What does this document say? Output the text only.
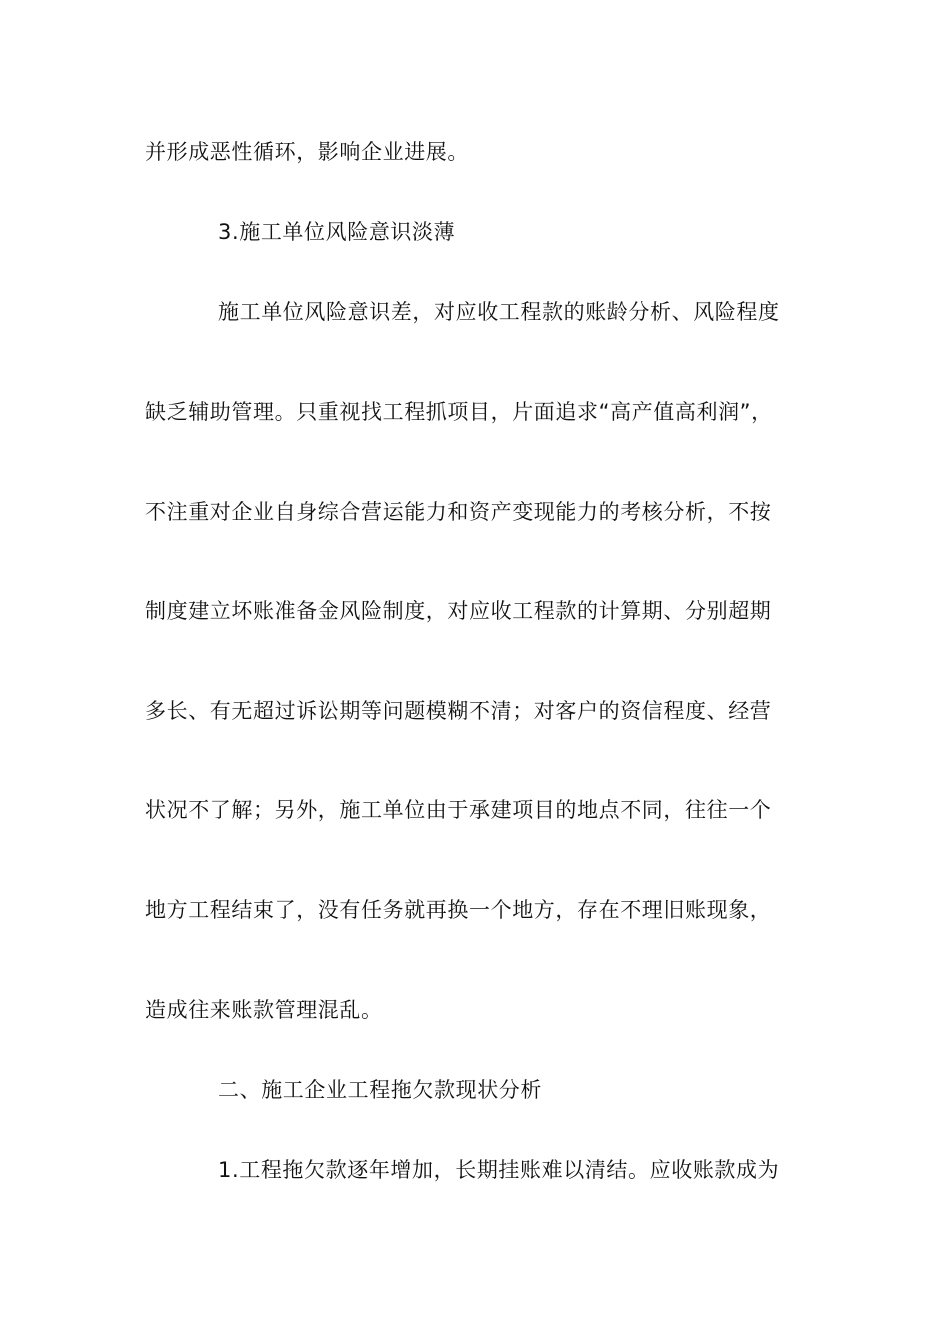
并形成恶性循环，影响企业进展。
3.施工单位风险意识淡薄
施工单位风险意识差，对应收工程款的账龄分析、风险程度
缺乏辅助管理。只重视找工程抓项目，片面追求“高产值高利润”，
不注重对企业自身综合营运能力和资产变现能力的考核分析，不按
制度建立坏账准备金风险制度，对应收工程款的计算期、分别超期
多长、有无超过诉讼期等问题模糊不清；对客户的资信程度、经营
状况不了解；另外，施工单位由于承建项目的地点不同，往往一个
地方工程结束了，没有任务就再换一个地方，存在不理旧账现象，
造成往来账款管理混乱。
二、施工企业工程拖欠款现状分析
1.工程拖欠款逐年增加，长期挂账难以清结。应收账款成为
